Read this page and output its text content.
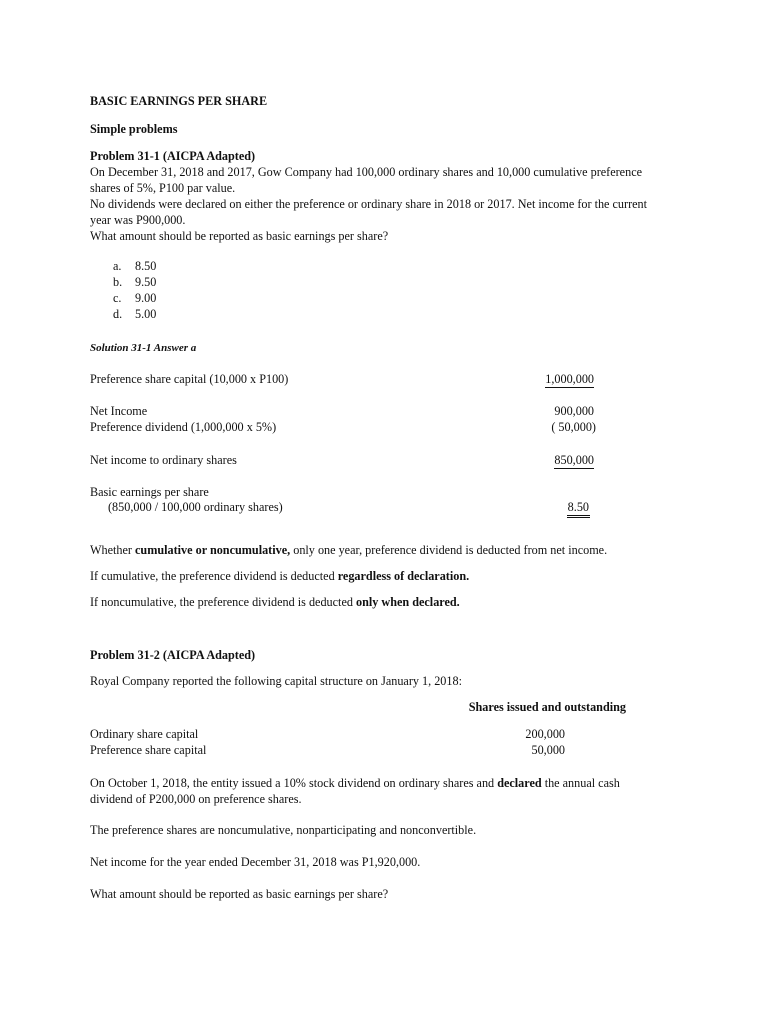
BASIC EARNINGS PER SHARE
Simple problems
Problem 31-1 (AICPA Adapted)
On December 31, 2018 and 2017, Gow Company had 100,000 ordinary shares and 10,000 cumulative preference
shares of 5%, P100 par value.
No dividends were declared on either the preference or ordinary share in 2018 or 2017. Net income for the current
year was P900,000.
What amount should be reported as basic earnings per share?
a. 8.50
b. 9.50
c. 9.00
d. 5.00
Solution 31-1 Answer a
Preference share capital (10,000 x P100)	1,000,000
Net Income	900,000
Preference dividend (1,000,000 x 5%)	( 50,000)
Net income to ordinary shares	850,000
Basic earnings per share
(850,000 / 100,000 ordinary shares)	8.50
Whether cumulative or noncumulative, only one year, preference dividend is deducted from net income.
If cumulative, the preference dividend is deducted regardless of declaration.
If noncumulative, the preference dividend is deducted only when declared.
Problem 31-2 (AICPA Adapted)
Royal Company reported the following capital structure on January 1, 2018:
Shares issued and outstanding
Ordinary share capital	200,000
Preference share capital	50,000
On October 1, 2018, the entity issued a 10% stock dividend on ordinary shares and declared the annual cash
dividend of P200,000 on preference shares.
The preference shares are noncumulative, nonparticipating and nonconvertible.
Net income for the year ended December 31, 2018 was P1,920,000.
What amount should be reported as basic earnings per share?
